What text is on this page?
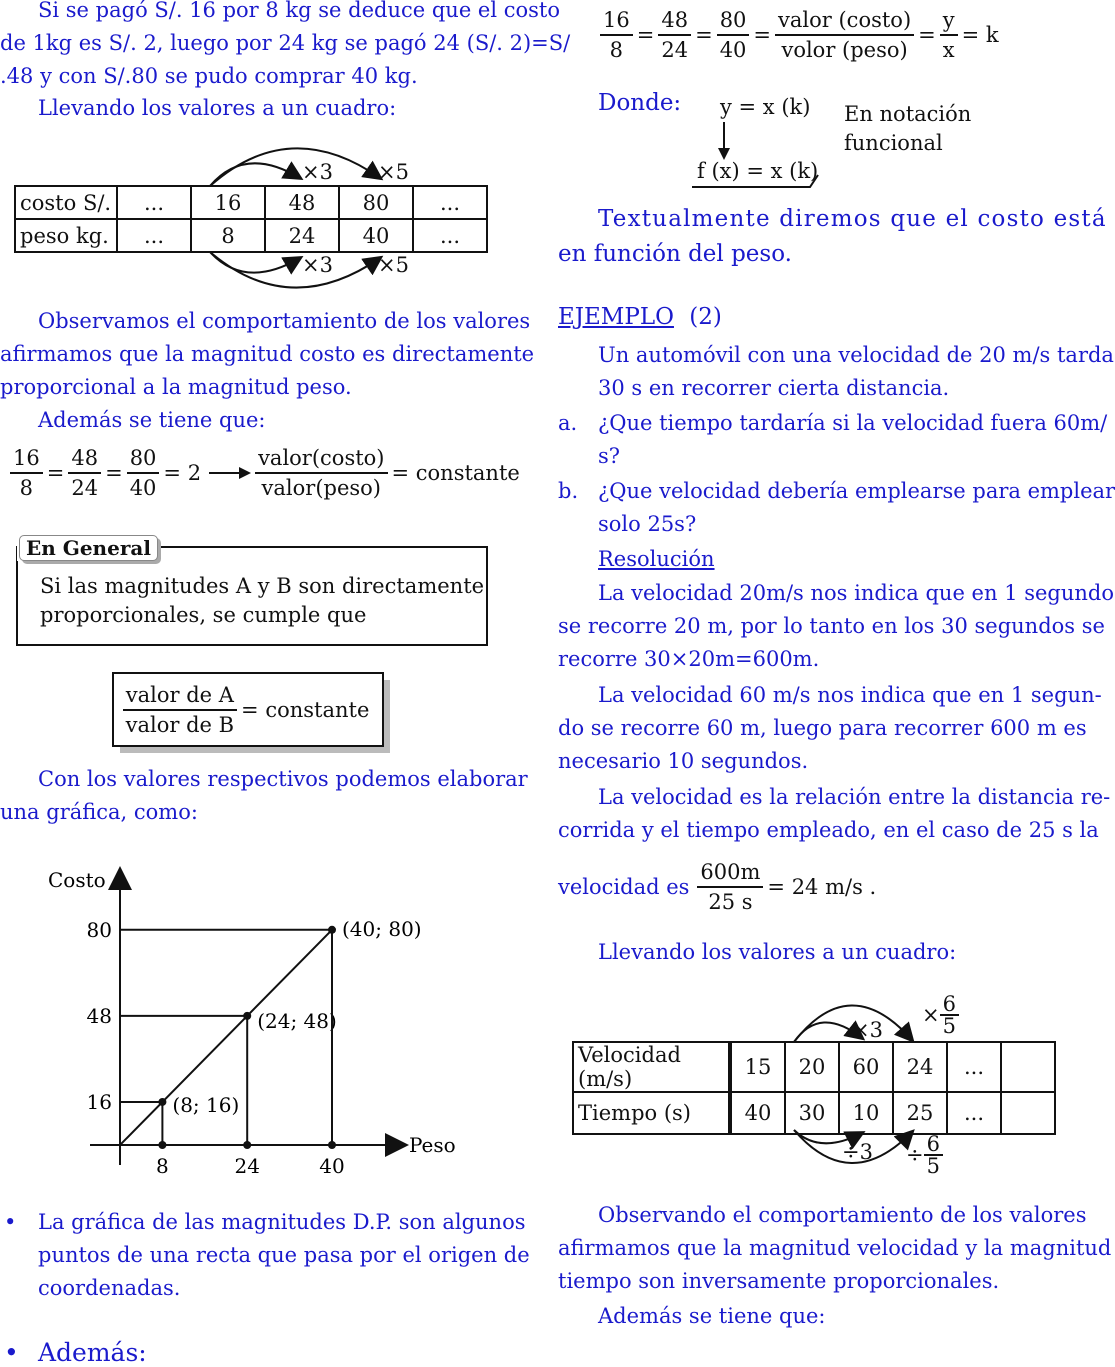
Si se pagó S/. 16 por 8 kg se deduce que el costo
de 1kg es S/. 2, luego por 24 kg se pagó 24 (S/. 2)=S/
.48 y con S/.80 se pudo comprar 40 kg.
Llevando los valores a un cuadro:
×3 ×5
×3 ×5
costo S/.	...	16	48	80	...
peso kg.	...	8	24	40	...
Observamos el comportamiento de los valores
afirmamos que la magnitud costo es directamente
proporcional a la magnitud peso.
Además se tiene que:
$\frac{16}{8} = \frac{48}{24} = \frac{80}{40} = 2$	$\frac{\text{valor(costo)}}{\text{valor(peso)}}$ = constante
En General
Si las magnitudes A y B son directamente
proporcionales, se cumple que
$\frac{\text{valor de A}}{\text{valor de B}}$ = constante
Con los valores respectivos podemos elaborar
una gráfica, como:
Peso
Costo
8
16	(8; 16)
24
48	(24; 48)
40
80	(40; 80)
• La gráfica de las magnitudes D.P. son algunos
puntos de una recta que pasa por el origen de
coordenadas.
• Además:
$\frac{16}{8} = \frac{48}{24} = \frac{80}{40} = \frac{\text{valor (costo)}}{\text{volor (peso)}} = \frac{y}{x} = k$
Donde: y = x (k)
f (x) = x (k)
En notación
funcional
Textualmente diremos que el costo está
en función del peso.
EJEMPLO (2)
Un automóvil con una velocidad de 20 m/s tarda
30 s en recorrer cierta distancia.
a. ¿Que tiempo tardaría si la velocidad fuera 60m/
s?
b. ¿Que velocidad debería emplearse para emplear
solo 25s?
Resolución
La velocidad 20m/s nos indica que en 1 segundo
se recorre 20 m, por lo tanto en los 30 segundos se
recorre 30×20m=600m.
La velocidad 60 m/s nos indica que en 1 segun-
do se recorre 60 m, luego para recorrer 600 m es
necesario 10 segundos.
La velocidad es la relación entre la distancia re-
corrida y el tiempo empleado, en el caso de 25 s la
velocidad es $\frac{600m}{25 s} = 24$ m/s .
Llevando los valores a un cuadro:
×3
× $\frac{6}{5}$
$\div 3 \div \frac{6}{5}$
Velocidad (m/s)	15	20	60	24	...	
Tiempo (s)	40	30	10	25	...	
Observando el comportamiento de los valores
afirmamos que la magnitud velocidad y la magnitud
tiempo son inversamente proporcionales.
Además se tiene que:
